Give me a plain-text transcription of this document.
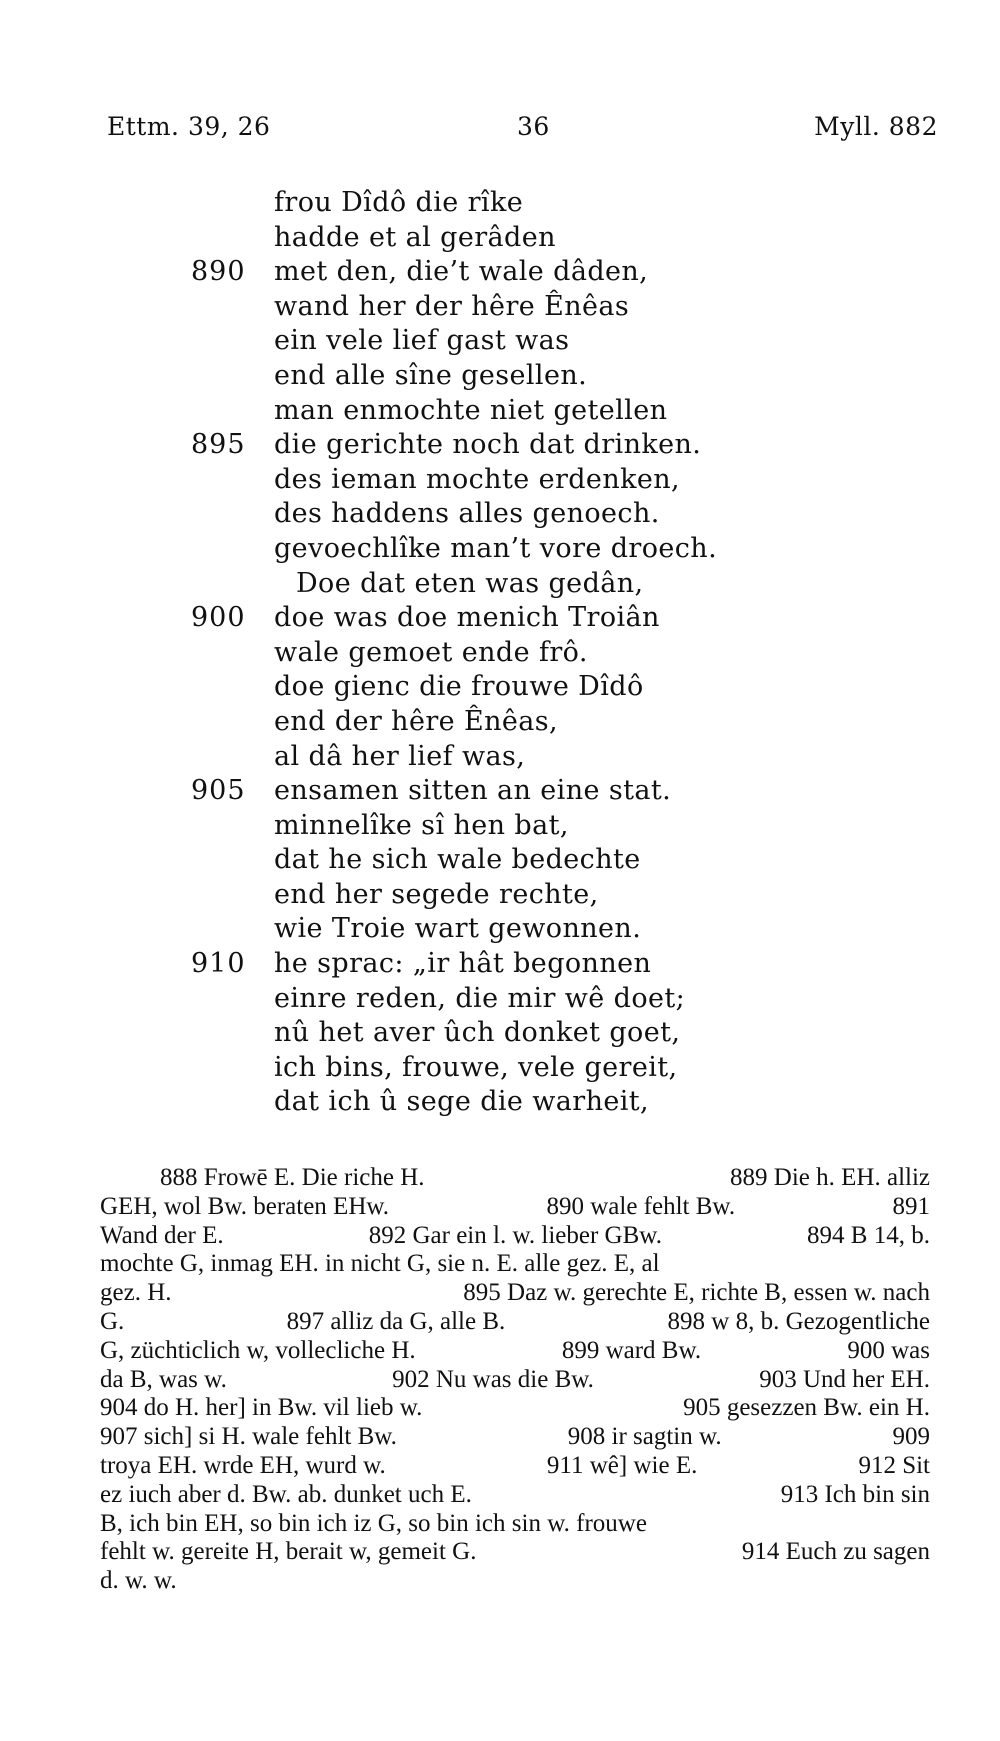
Ettm. 39, 26	36	Myll. 882
frou Dîdô die rîke
hadde et al gerâden
890 met den, die’t wale dâden,
wand her der hêre Ênêas
ein vele lief gast was
end alle sîne gesellen.
man enmochte niet getellen
895 die gerichte noch dat drinken.
des ieman mochte erdenken,
des haddens alles genoech.
gevoechlîke man’t vore droech.
Doe dat eten was gedân,
900 doe was doe menich Troiân
wale gemoet ende frô.
doe gienc die frouwe Dîdô
end der hêre Ênêas,
al dâ her lief was,
905 ensamen sitten an eine stat.
minnelîke sî hen bat,
dat he sich wale bedechte
end her segede rechte,
wie Troie wart gewonnen.
910 he sprac: „ir hât begonnen
einre reden, die mir wê doet;
nû het aver ûch donket goet,
ich bins, frouwe, vele gereit,
dat ich û sege die warheit,
888 Frowē E. Die riche H.	889 Die h. EH. alliz
GEH, wol Bw. beraten EHw.	890 wale fehlt Bw.	891
Wand der E.	892 Gar ein l. w. lieber GBw.	894 B 14, b.
mochte G, inmag EH. in nicht G, sie n. E. alle gez. E, al
gez. H.	895 Daz w. gerechte E, richte B, essen w. nach
G.	897 alliz da G, alle B.	898 w 8, b. Gezogentliche
G, züchticlich w, vollecliche H.	899 ward Bw.	900 was
da B, was w.	902 Nu was die Bw.	903 Und her EH.
904 do H. her] in Bw. vil lieb w.	905 gesezzen Bw. ein H.
907 sich] si H. wale fehlt Bw.	908 ir sagtin w.	909
troya EH. wrde EH, wurd w.	911 wê] wie E.	912 Sit
ez iuch aber d. Bw. ab. dunket uch E.	913 Ich bin sin
B, ich bin EH, so bin ich iz G, so bin ich sin w. frouwe
fehlt w. gereite H, berait w, gemeit G.	914 Euch zu sagen
d. w. w.
